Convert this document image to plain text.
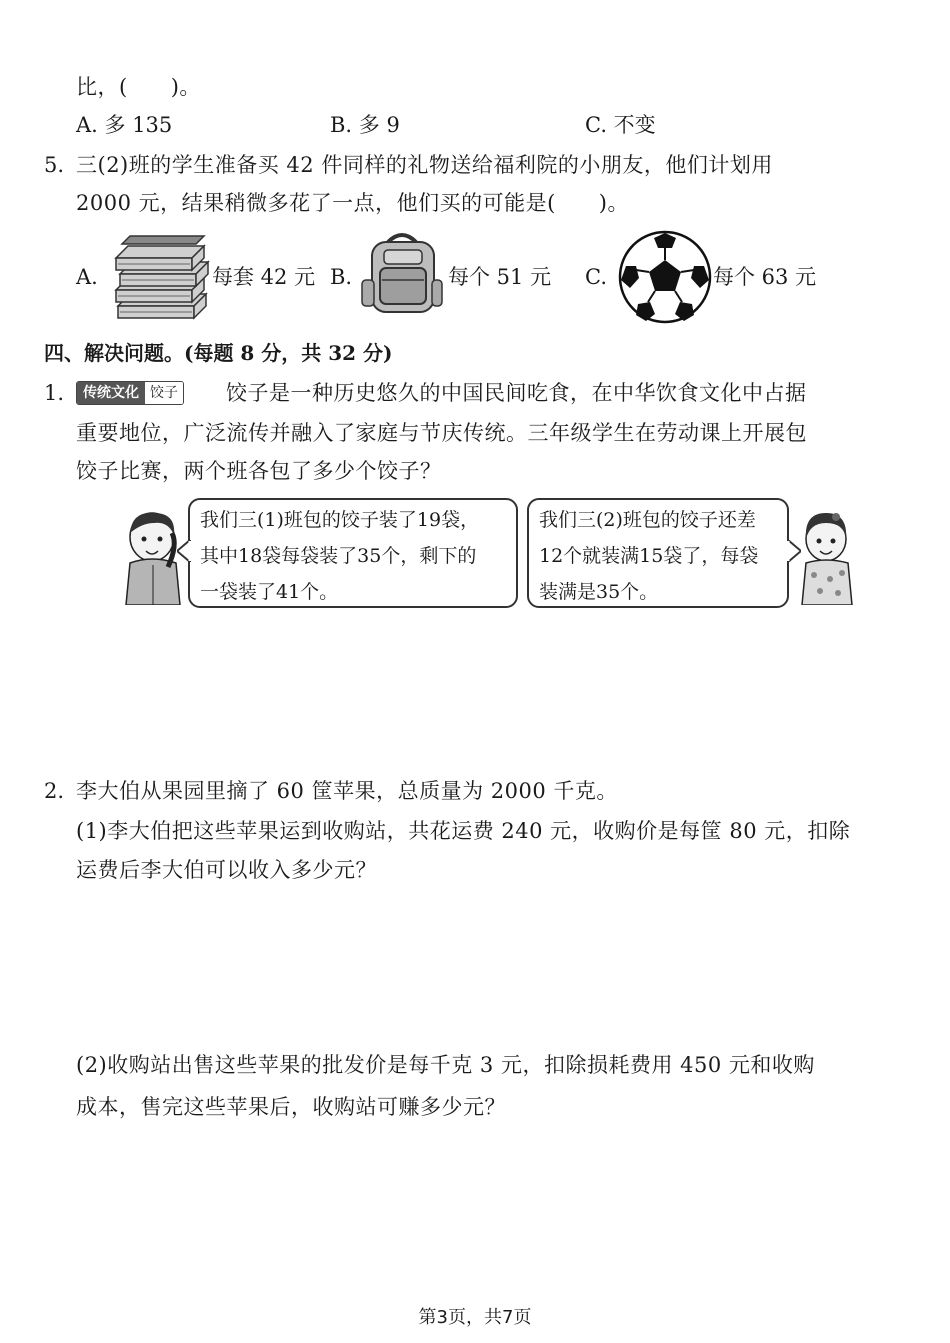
比，(　　)。
A. 多 135	B. 多 9	C. 不变
5. 三(2)班的学生准备买 42 件同样的礼物送给福利院的小朋友，他们计划用
2000 元，结果稍微多花了一点，他们买的可能是(　　)。
A.	每套 42 元 B.	每个 51 元 C.	每个 63 元
四、解决问题。(每题 8 分，共 32 分)
1.	传统文化 饺子 饺子是一种历史悠久的中国民间吃食，在中华饮食文化中占据
重要地位，广泛流传并融入了家庭与节庆传统。三年级学生在劳动课上开展包
饺子比赛，两个班各包了多少个饺子？
我们三(1)班包的饺子装了19袋，
其中18袋每袋装了35个，剩下的
一袋装了41个。
我们三(2)班包的饺子还差
12个就装满15袋了，每袋
装满是35个。
2. 李大伯从果园里摘了 60 筐苹果，总质量为 2000 千克。
(1)李大伯把这些苹果运到收购站，共花运费 240 元，收购价是每筐 80 元，扣除
运费后李大伯可以收入多少元？
(2)收购站出售这些苹果的批发价是每千克 3 元，扣除损耗费用 450 元和收购
成本，售完这些苹果后，收购站可赚多少元？
第3页，共7页
